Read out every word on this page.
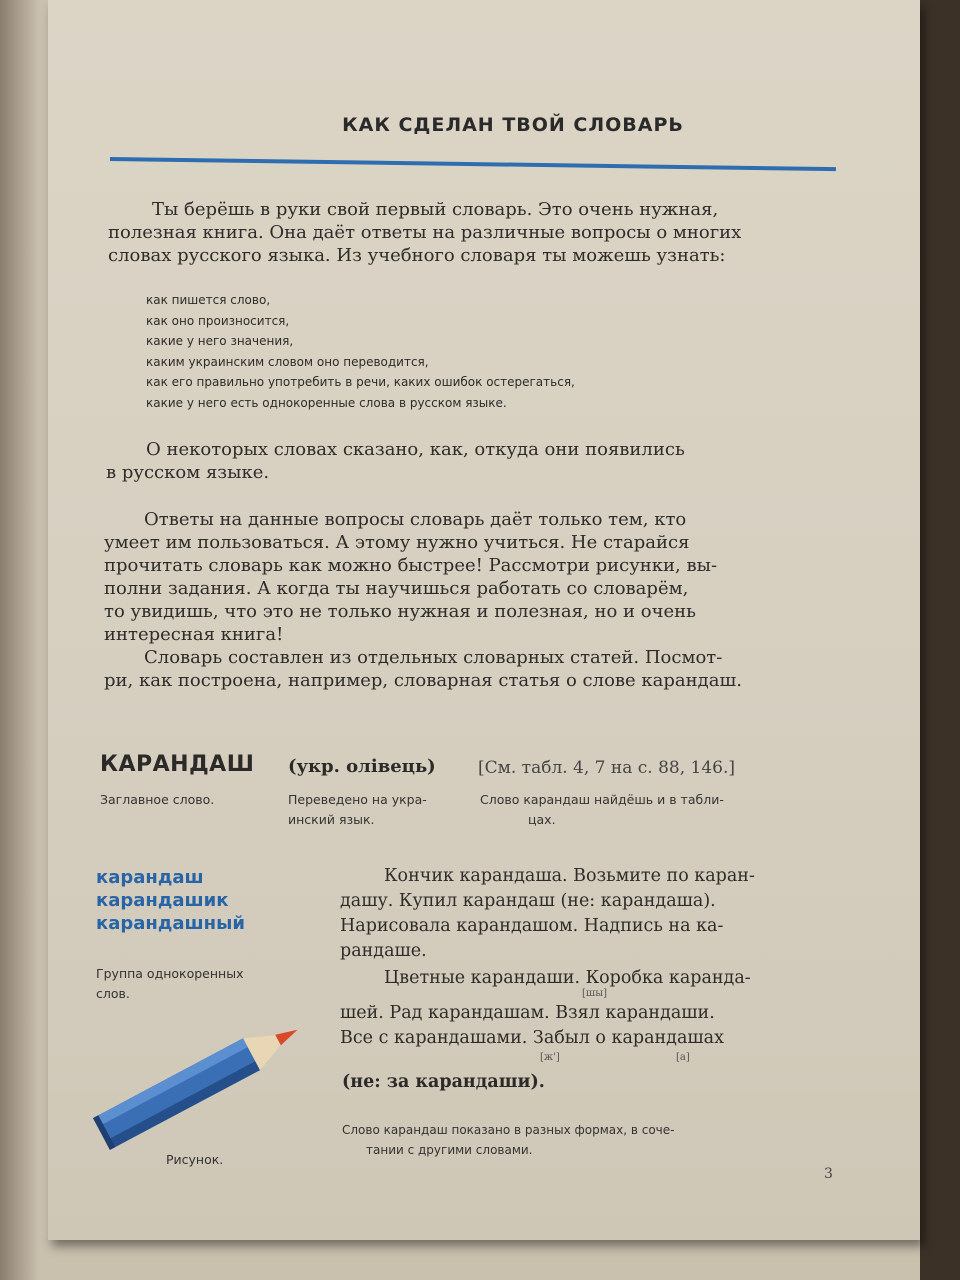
КАК СДЕЛАН ТВОЙ СЛОВАРЬ
Ты берёшь в руки свой первый словарь. Это очень нужная,
полезная книга. Она даёт ответы на различные вопросы о многих
словах русского языка. Из учебного словаря ты можешь узнать:
как пишется слово,
как оно произносится,
какие у него значения,
каким украинским словом оно переводится,
как его правильно употребить в речи, каких ошибок остерегаться,
какие у него есть однокоренные слова в русском языке.
О некоторых словах сказано, как, откуда они появились
в русском языке.
Ответы на данные вопросы словарь даёт только тем, кто
умеет им пользоваться. А этому нужно учиться. Не старайся
прочитать словарь как можно быстрее! Рассмотри рисунки, вы-
полни задания. А когда ты научишься работать со словарём,
то увидишь, что это не только нужная и полезная, но и очень
интересная книга!
Словарь составлен из отдельных словарных статей. Посмот-
ри, как построена, например, словарная статья о слове карандаш.
КАРАНДАШ (укр. олівець) [См. табл. 4, 7 на с. 88, 146.]
Заглавное слово.	Переведено на укра-
инский язык.
Слово карандаш найдёшь и в табли-
цах.
карандаш
карандашик
карандашный
Группа однокоренных
слов.
Кончик карандаша. Возьмите по каран-
дашу. Купил карандаш (не: карандаша).
Нарисовала карандашом. Надпись на ка-
рандаше.
Цветные карандаши. Коробка каранда-
шей. Рад карандашам. Взял карандаши.
Все с карандашами. Забыл о карандашах
[шы]
[ж']	[а]
(не: за карандаши).
Слово карандаш показано в разных формах, в соче-
тании с другими словами.
Рисунок.
3
